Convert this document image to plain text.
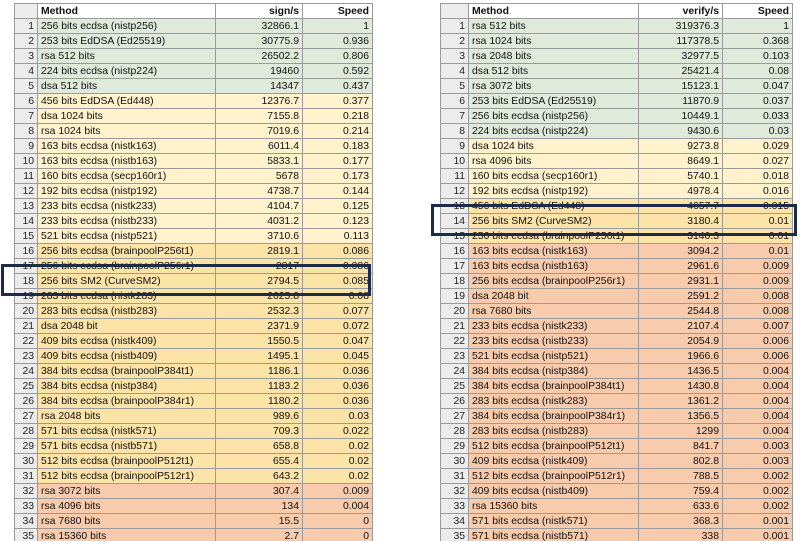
	Method	sign/s	Speed
1	256 bits ecdsa (nistp256)	32866.1	1
2	253 bits EdDSA (Ed25519)	30775.9	0.936
3	rsa 512 bits	26502.2	0.806
4	224 bits ecdsa (nistp224)	19460	0.592
5	dsa 512 bits	14347	0.437
6	456 bits EdDSA (Ed448)	12376.7	0.377
7	dsa 1024 bits	7155.8	0.218
8	rsa 1024 bits	7019.6	0.214
9	163 bits ecdsa (nistk163)	6011.4	0.183
10	163 bits ecdsa (nistb163)	5833.1	0.177
11	160 bits ecdsa (secp160r1)	5678	0.173
12	192 bits ecdsa (nistp192)	4738.7	0.144
13	233 bits ecdsa (nistk233)	4104.7	0.125
14	233 bits ecdsa (nistb233)	4031.2	0.123
15	521 bits ecdsa (nistp521)	3710.6	0.113
16	256 bits ecdsa (brainpoolP256t1)	2819.1	0.086
17	256 bits ecdsa (brainpoolP256r1)	2817	0.086
18	256 bits SM2 (CurveSM2)	2794.5	0.085
19	283 bits ecdsa (nistk283)	2625.8	0.08
20	283 bits ecdsa (nistb283)	2532.3	0.077
21	dsa 2048 bit	2371.9	0.072
22	409 bits ecdsa (nistk409)	1550.5	0.047
23	409 bits ecdsa (nistb409)	1495.1	0.045
24	384 bits ecdsa (brainpoolP384t1)	1186.1	0.036
25	384 bits ecdsa (nistp384)	1183.2	0.036
26	384 bits ecdsa (brainpoolP384r1)	1180.2	0.036
27	rsa 2048 bits	989.6	0.03
28	571 bits ecdsa (nistk571)	709.3	0.022
29	571 bits ecdsa (nistb571)	658.8	0.02
30	512 bits ecdsa (brainpoolP512t1)	655.4	0.02
31	512 bits ecdsa (brainpoolP512r1)	643.2	0.02
32	rsa 3072 bits	307.4	0.009
33	rsa 4096 bits	134	0.004
34	rsa 7680 bits	15.5	0
35	rsa 15360 bits	2.7	0
	Method	verify/s	Speed
1	rsa 512 bits	319376.3	1
2	rsa 1024 bits	117378.5	0.368
3	rsa 2048 bits	32977.5	0.103
4	dsa 512 bits	25421.4	0.08
5	rsa 3072 bits	15123.1	0.047
6	253 bits EdDSA (Ed25519)	11870.9	0.037
7	256 bits ecdsa (nistp256)	10449.1	0.033
8	224 bits ecdsa (nistp224)	9430.6	0.03
9	dsa 1024 bits	9273.8	0.029
10	rsa 4096 bits	8649.1	0.027
11	160 bits ecdsa (secp160r1)	5740.1	0.018
12	192 bits ecdsa (nistp192)	4978.4	0.016
13	456 bits EdDSA (Ed448)	4657.7	0.015
14	256 bits SM2 (CurveSM2)	3180.4	0.01
15	256 bits ecdsa (brainpoolP256t1)	3140.3	0.01
16	163 bits ecdsa (nistk163)	3094.2	0.01
17	163 bits ecdsa (nistb163)	2961.6	0.009
18	256 bits ecdsa (brainpoolP256r1)	2931.1	0.009
19	dsa 2048 bit	2591.2	0.008
20	rsa 7680 bits	2544.8	0.008
21	233 bits ecdsa (nistk233)	2107.4	0.007
22	233 bits ecdsa (nistb233)	2054.9	0.006
23	521 bits ecdsa (nistp521)	1966.6	0.006
24	384 bits ecdsa (nistp384)	1436.5	0.004
25	384 bits ecdsa (brainpoolP384t1)	1430.8	0.004
26	283 bits ecdsa (nistk283)	1361.2	0.004
27	384 bits ecdsa (brainpoolP384r1)	1356.5	0.004
28	283 bits ecdsa (nistb283)	1299	0.004
29	512 bits ecdsa (brainpoolP512t1)	841.7	0.003
30	409 bits ecdsa (nistk409)	802.8	0.003
31	512 bits ecdsa (brainpoolP512r1)	788.5	0.002
32	409 bits ecdsa (nistb409)	759.4	0.002
33	rsa 15360 bits	633.6	0.002
34	571 bits ecdsa (nistk571)	368.3	0.001
35	571 bits ecdsa (nistb571)	338	0.001
